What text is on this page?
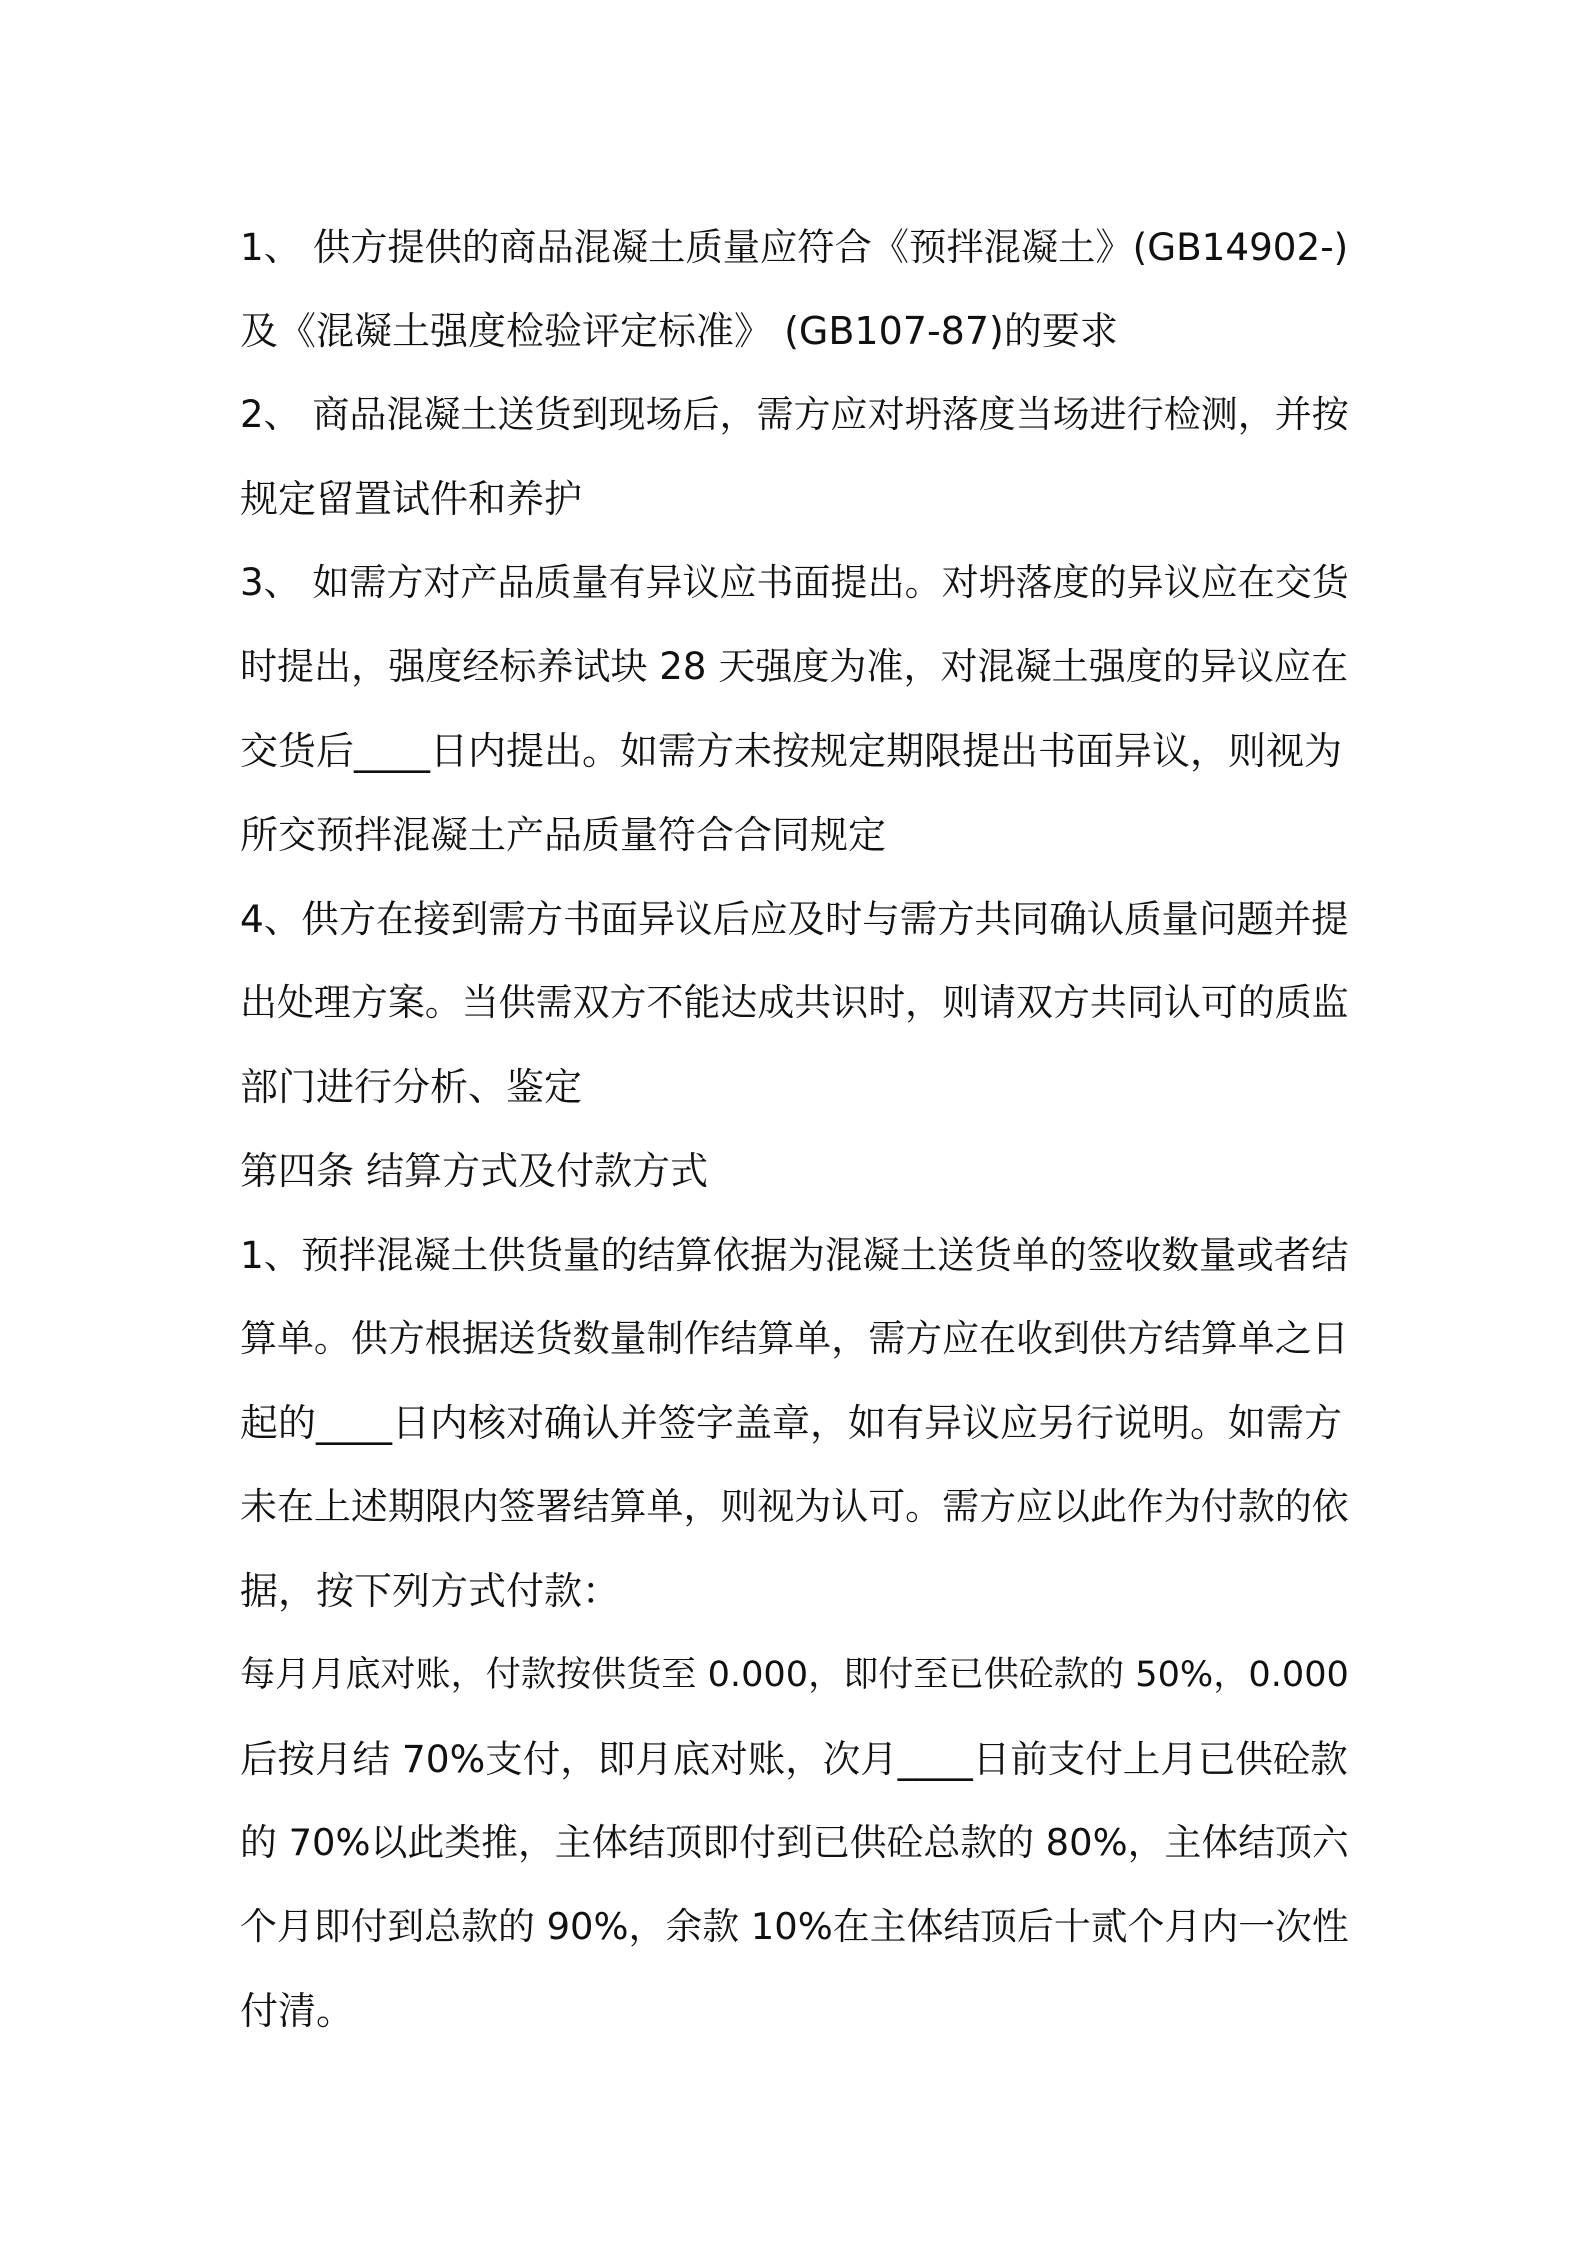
1、 供方提供的商品混凝土质量应符合《预拌混凝土》(GB14902-)
及《混凝土强度检验评定标准》 (GB107-87)的要求
2、 商品混凝土送货到现场后，需方应对坍落度当场进行检测，并按
规定留置试件和养护
3、 如需方对产品质量有异议应书面提出。对坍落度的异议应在交货
时提出，强度经标养试块 28 天强度为准，对混凝土强度的异议应在
交货后____日内提出。如需方未按规定期限提出书面异议，则视为
所交预拌混凝土产品质量符合合同规定
4、供方在接到需方书面异议后应及时与需方共同确认质量问题并提
出处理方案。当供需双方不能达成共识时，则请双方共同认可的质监
部门进行分析、鉴定
第四条 结算方式及付款方式
1、预拌混凝土供货量的结算依据为混凝土送货单的签收数量或者结
算单。供方根据送货数量制作结算单，需方应在收到供方结算单之日
起的____日内核对确认并签字盖章，如有异议应另行说明。如需方
未在上述期限内签署结算单，则视为认可。需方应以此作为付款的依
据，按下列方式付款：
每月月底对账，付款按供货至 0.000，即付至已供砼款的 50%，0.000
后按月结 70%支付，即月底对账，次月____日前支付上月已供砼款
的 70%以此类推，主体结顶即付到已供砼总款的 80%，主体结顶六
个月即付到总款的 90%，余款 10%在主体结顶后十贰个月内一次性
付清。
